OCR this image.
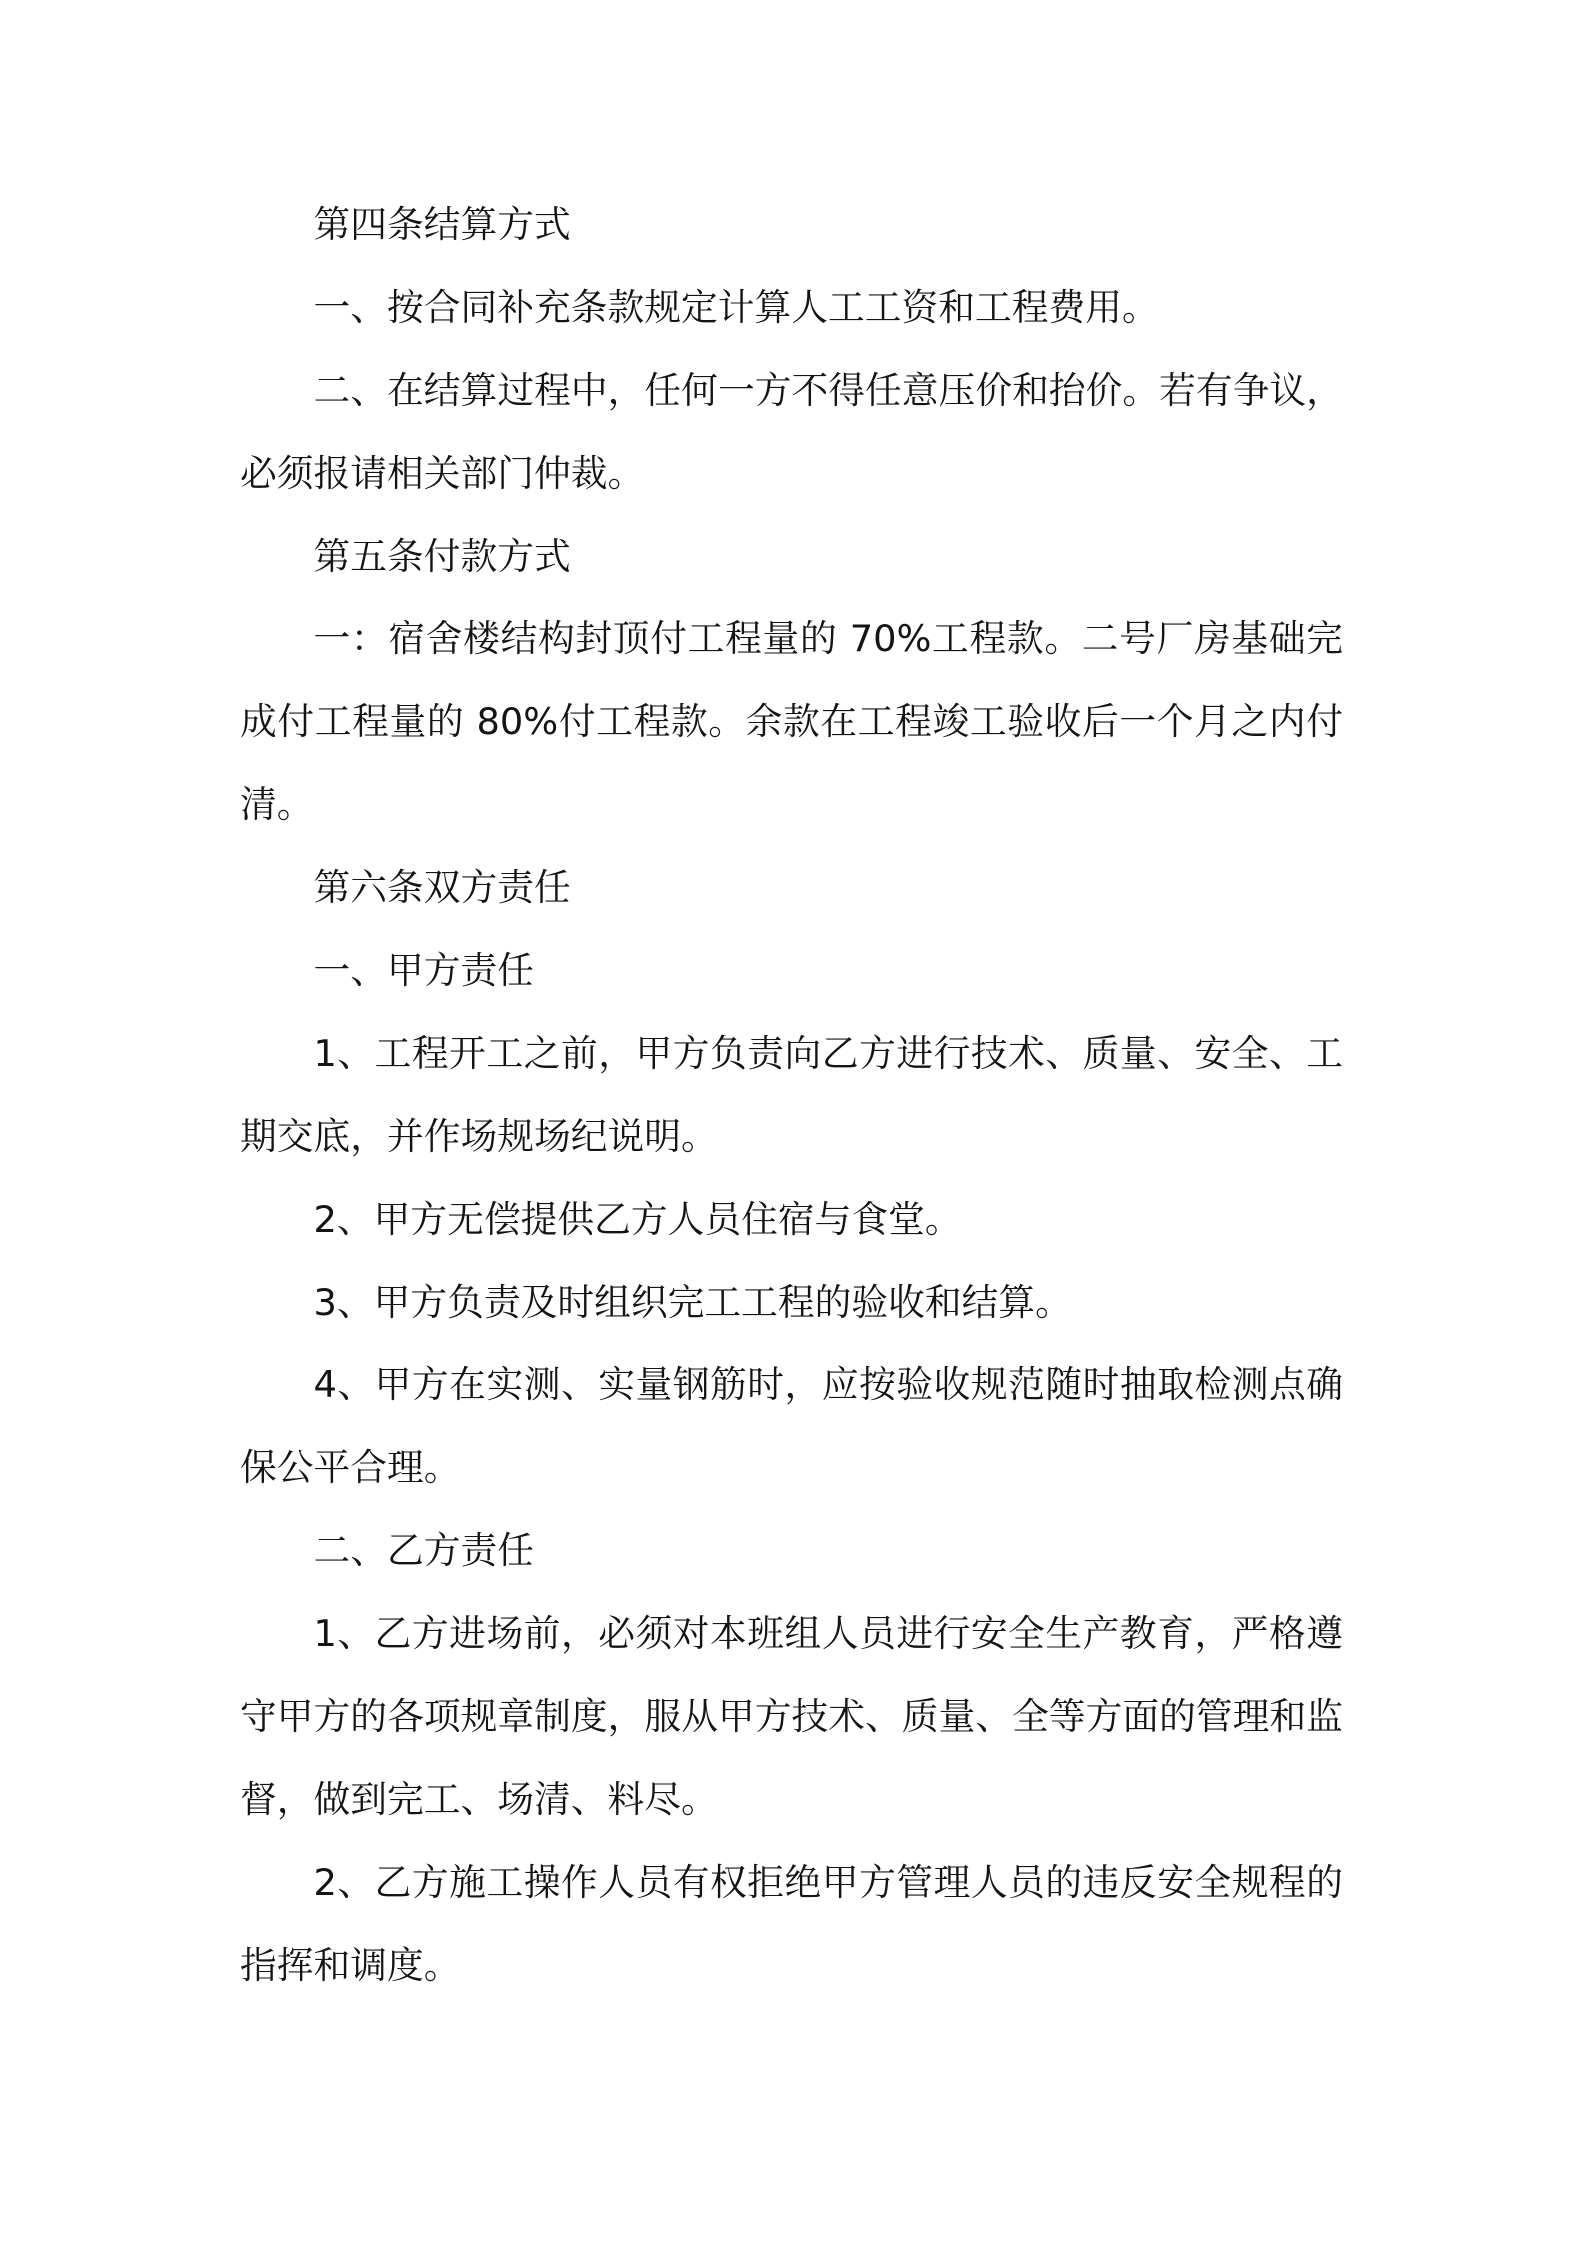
第四条结算方式
一、按合同补充条款规定计算人工工资和工程费用。
二、在结算过程中，任何一方不得任意压价和抬价。若有争议，
必须报请相关部门仲裁。
第五条付款方式
一：宿舍楼结构封顶付工程量的 70%工程款。二号厂房基础完
成付工程量的 80%付工程款。余款在工程竣工验收后一个月之内付
清。
第六条双方责任
一、甲方责任
1、工程开工之前，甲方负责向乙方进行技术、质量、安全、工
期交底，并作场规场纪说明。
2、甲方无偿提供乙方人员住宿与食堂。
3、甲方负责及时组织完工工程的验收和结算。
4、甲方在实测、实量钢筋时，应按验收规范随时抽取检测点确
保公平合理。
二、乙方责任
1、乙方进场前，必须对本班组人员进行安全生产教育，严格遵
守甲方的各项规章制度，服从甲方技术、质量、全等方面的管理和监
督，做到完工、场清、料尽。
2、乙方施工操作人员有权拒绝甲方管理人员的违反安全规程的
指挥和调度。
